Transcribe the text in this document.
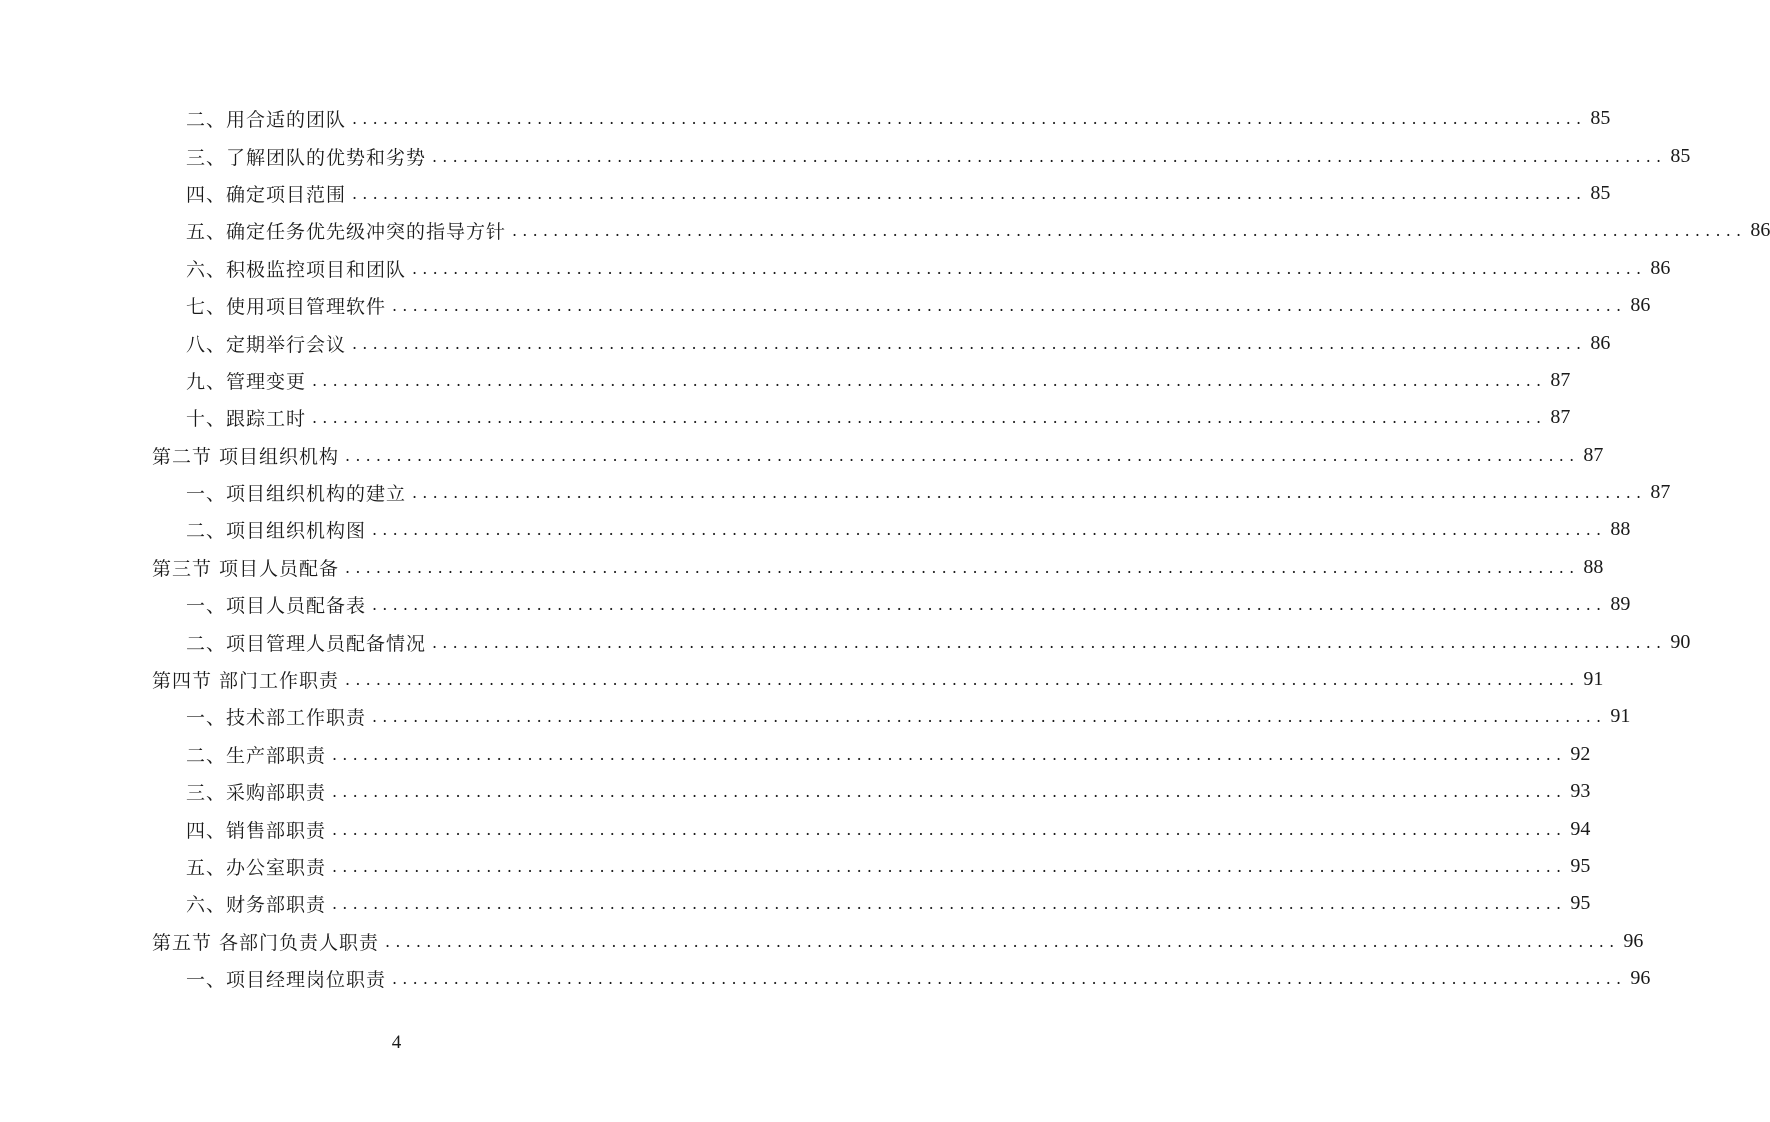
二、用合适的团队 ........................................................................................................................ 85
三、了解团队的优势和劣势 ........................................................................................................................ 85
四、确定项目范围 ........................................................................................................................ 85
五、确定任务优先级冲突的指导方针 ........................................................................................................................ 86
六、积极监控项目和团队 ........................................................................................................................ 86
七、使用项目管理软件 ........................................................................................................................ 86
八、定期举行会议 ........................................................................................................................ 86
九、管理变更 ........................................................................................................................ 87
十、跟踪工时 ........................................................................................................................ 87
第二节 项目组织机构 ........................................................................................................................ 87
一、项目组织机构的建立 ........................................................................................................................ 87
二、项目组织机构图 ........................................................................................................................ 88
第三节 项目人员配备 ........................................................................................................................ 88
一、项目人员配备表 ........................................................................................................................ 89
二、项目管理人员配备情况 ........................................................................................................................ 90
第四节 部门工作职责 ........................................................................................................................ 91
一、技术部工作职责 ........................................................................................................................ 91
二、生产部职责 ........................................................................................................................ 92
三、采购部职责 ........................................................................................................................ 93
四、销售部职责 ........................................................................................................................ 94
五、办公室职责 ........................................................................................................................ 95
六、财务部职责 ........................................................................................................................ 95
第五节 各部门负责人职责 ........................................................................................................................ 96
一、项目经理岗位职责 ........................................................................................................................ 96
4
